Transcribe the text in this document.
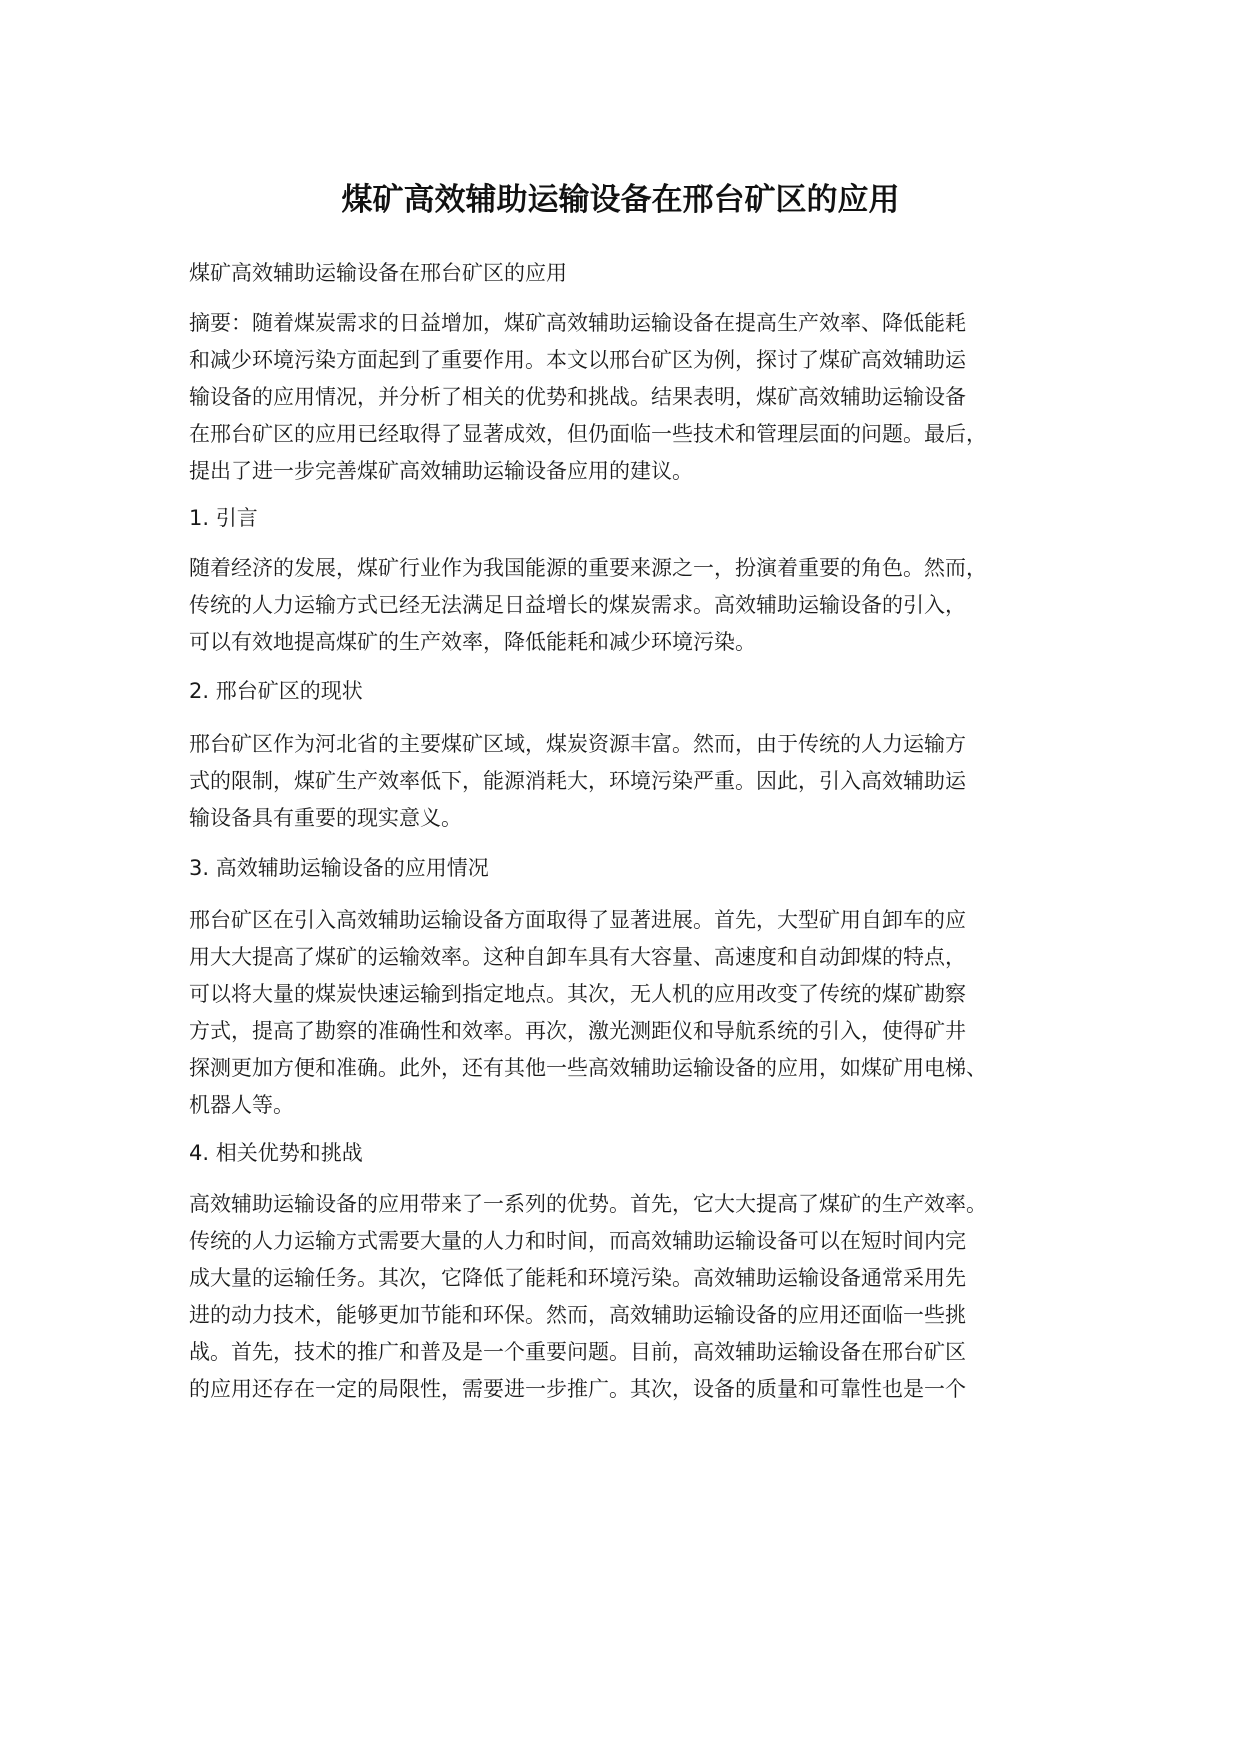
煤矿高效辅助运输设备在邢台矿区的应用

煤矿高效辅助运输设备在邢台矿区的应用

摘要：随着煤炭需求的日益增加，煤矿高效辅助运输设备在提高生产效率、降低能耗
和减少环境污染方面起到了重要作用。本文以邢台矿区为例，探讨了煤矿高效辅助运
输设备的应用情况，并分析了相关的优势和挑战。结果表明，煤矿高效辅助运输设备
在邢台矿区的应用已经取得了显著成效，但仍面临一些技术和管理层面的问题。最后，
提出了进一步完善煤矿高效辅助运输设备应用的建议。

1. 引言

随着经济的发展，煤矿行业作为我国能源的重要来源之一，扮演着重要的角色。然而，
传统的人力运输方式已经无法满足日益增长的煤炭需求。高效辅助运输设备的引入，
可以有效地提高煤矿的生产效率，降低能耗和减少环境污染。

2. 邢台矿区的现状

邢台矿区作为河北省的主要煤矿区域，煤炭资源丰富。然而，由于传统的人力运输方
式的限制，煤矿生产效率低下，能源消耗大，环境污染严重。因此，引入高效辅助运
输设备具有重要的现实意义。

3. 高效辅助运输设备的应用情况

邢台矿区在引入高效辅助运输设备方面取得了显著进展。首先，大型矿用自卸车的应
用大大提高了煤矿的运输效率。这种自卸车具有大容量、高速度和自动卸煤的特点，
可以将大量的煤炭快速运输到指定地点。其次，无人机的应用改变了传统的煤矿勘察
方式，提高了勘察的准确性和效率。再次，激光测距仪和导航系统的引入，使得矿井
探测更加方便和准确。此外，还有其他一些高效辅助运输设备的应用，如煤矿用电梯、
机器人等。

4. 相关优势和挑战

高效辅助运输设备的应用带来了一系列的优势。首先，它大大提高了煤矿的生产效率。
传统的人力运输方式需要大量的人力和时间，而高效辅助运输设备可以在短时间内完
成大量的运输任务。其次，它降低了能耗和环境污染。高效辅助运输设备通常采用先
进的动力技术，能够更加节能和环保。然而，高效辅助运输设备的应用还面临一些挑
战。首先，技术的推广和普及是一个重要问题。目前，高效辅助运输设备在邢台矿区
的应用还存在一定的局限性，需要进一步推广。其次，设备的质量和可靠性也是一个
